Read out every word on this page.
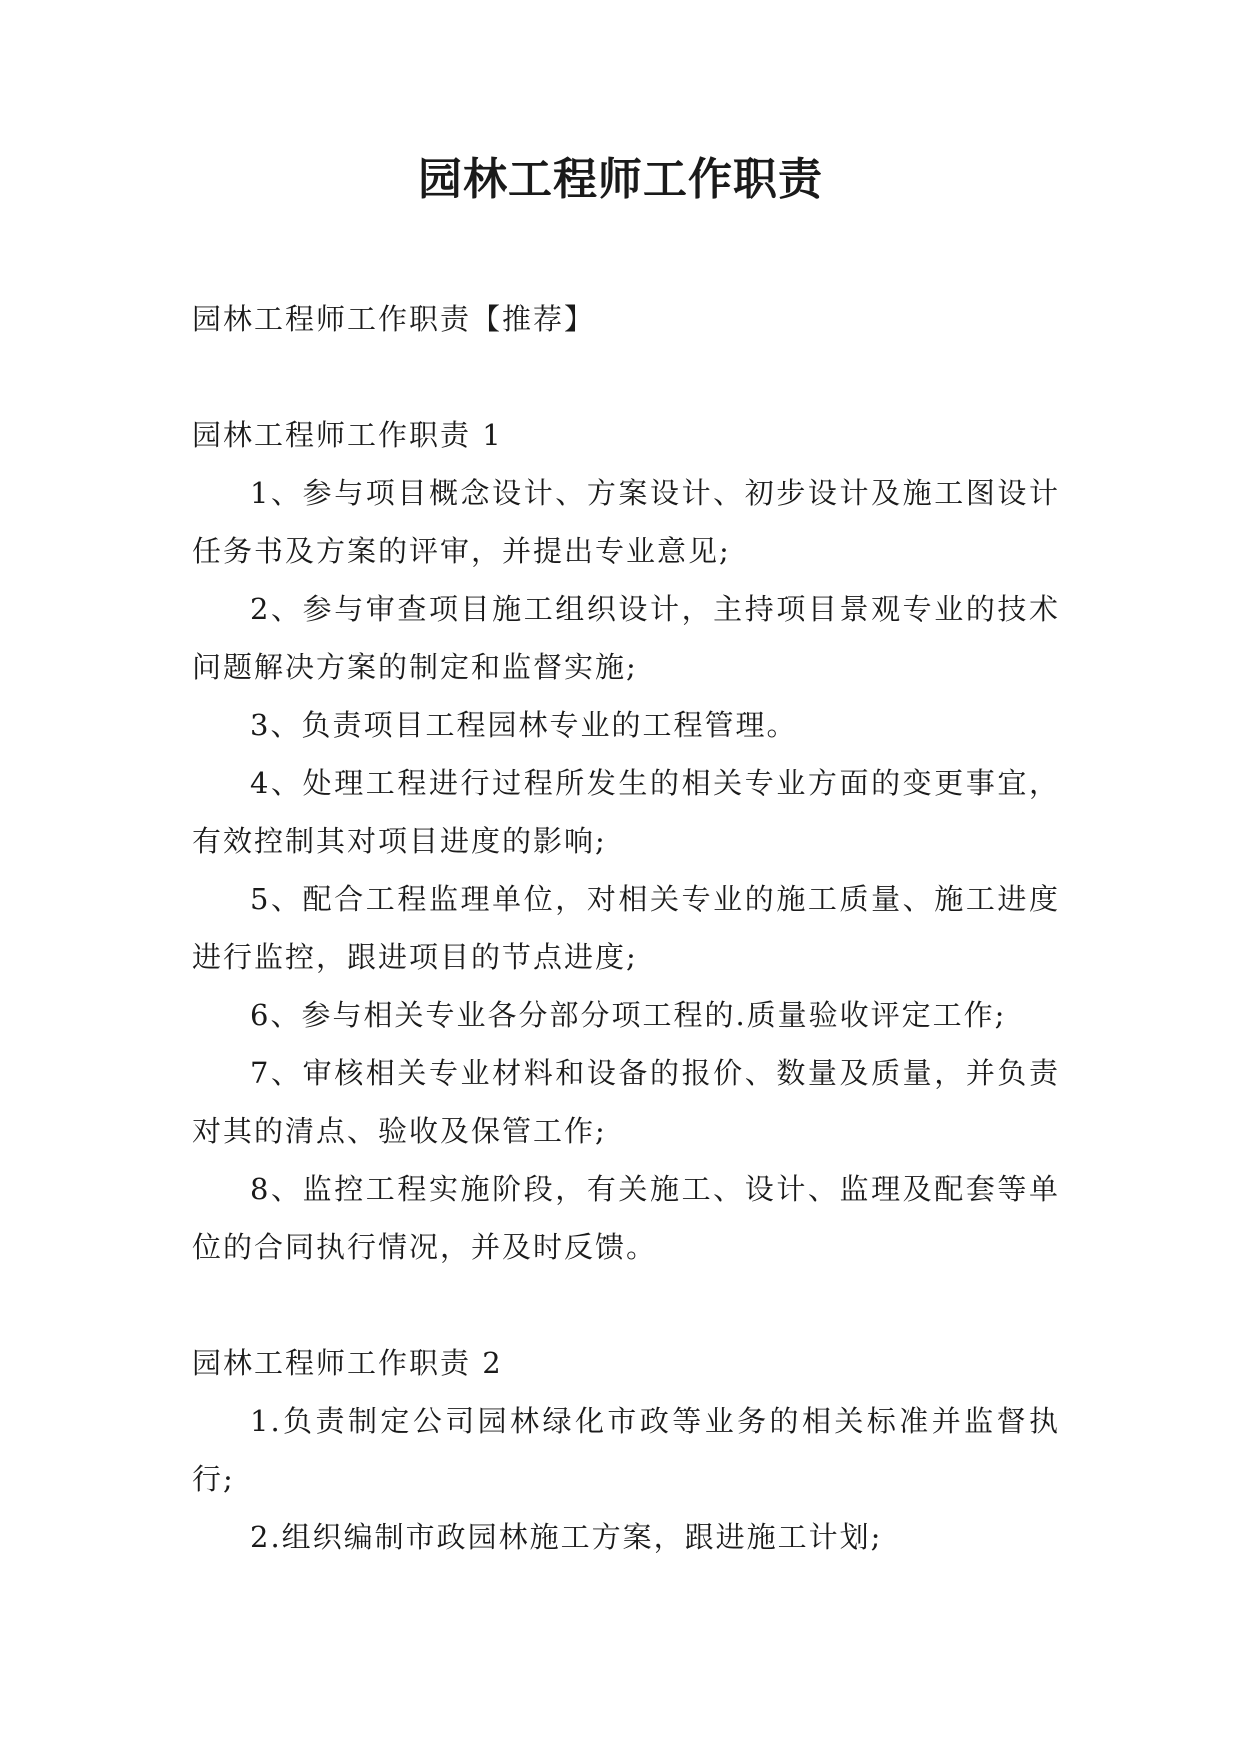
园林工程师工作职责

园林工程师工作职责【推荐】

园林工程师工作职责 1

1、参与项目概念设计、方案设计、初步设计及施工图设计任务书及方案的评审，并提出专业意见;

2、参与审查项目施工组织设计，主持项目景观专业的技术问题解决方案的制定和监督实施;

3、负责项目工程园林专业的工程管理。

4、处理工程进行过程所发生的相关专业方面的变更事宜，有效控制其对项目进度的影响;

5、配合工程监理单位，对相关专业的施工质量、施工进度进行监控，跟进项目的节点进度;

6、参与相关专业各分部分项工程的.质量验收评定工作;

7、审核相关专业材料和设备的报价、数量及质量，并负责对其的清点、验收及保管工作;

8、监控工程实施阶段，有关施工、设计、监理及配套等单位的合同执行情况，并及时反馈。

园林工程师工作职责 2

1.负责制定公司园林绿化市政等业务的相关标准并监督执行;

2.组织编制市政园林施工方案，跟进施工计划;
